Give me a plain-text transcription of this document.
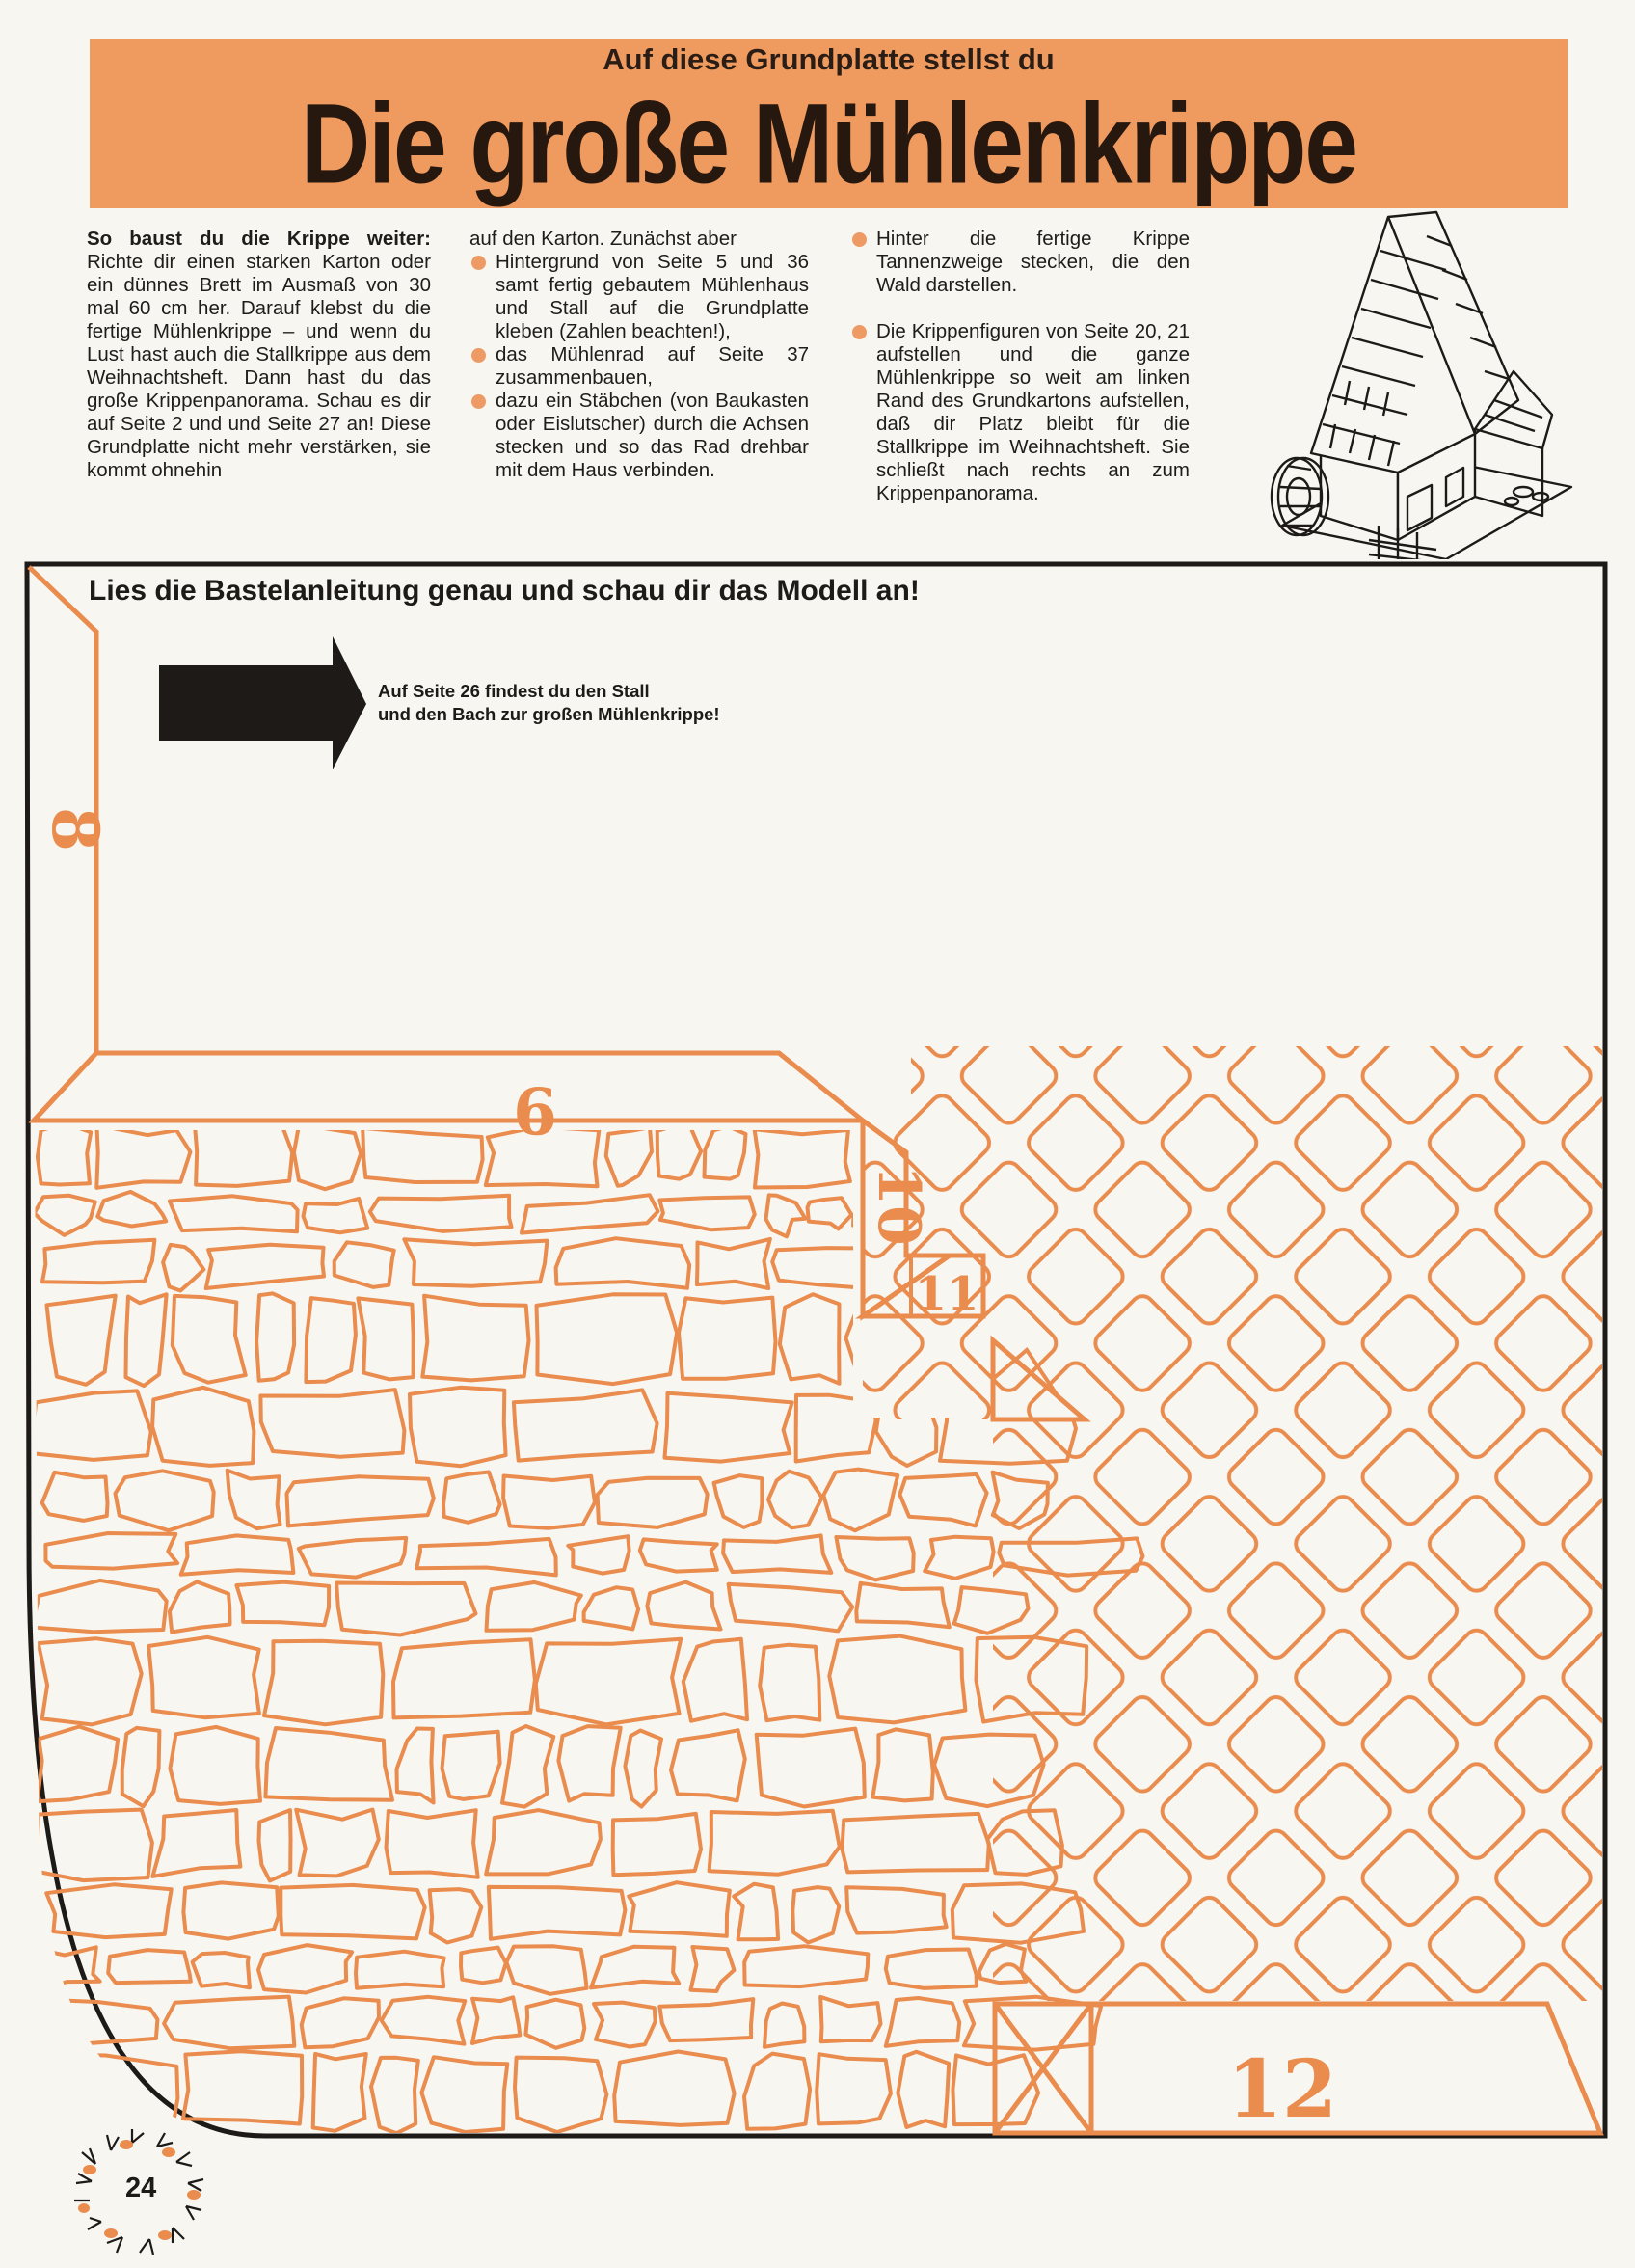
Auf diese Grundplatte stellst du
Die große Mühlenkrippe

So baust du die Krippe weiter: Richte dir einen starken Karton oder ein dünnes Brett im Ausmaß von 30 mal 60 cm her. Darauf klebst du die fertige Mühlenkrippe – und wenn du Lust hast auch die Stallkrippe aus dem Weihnachtsheft. Dann hast du das große Krippenpanorama. Schau es dir auf Seite 2 und und Seite 27 an! Diese Grundplatte nicht mehr verstärken, sie kommt ohnehin

auf den Karton. Zunächst aber

Hintergrund von Seite 5 und 36 samt fertig gebautem Mühlenhaus und Stall auf die Grundplatte kleben (Zahlen beachten!),

das Mühlenrad auf Seite 37 zusammenbauen,

dazu ein Stäbchen (von Baukasten oder Eislutscher) durch die Achsen stecken und so das Rad drehbar mit dem Haus verbinden.

Hinter die fertige Krippe Tannenzweige stecken, die den Wald darstellen.

Die Krippenfiguren von Seite 20, 21 aufstellen und die ganze Mühlenkrippe so weit am linken Rand des Grundkartons aufstellen, daß dir Platz bleibt für die Stallkrippe im Weihnachtsheft. Sie schließt nach rechts an zum Krippenpanorama.

8
9
10
11
12
Lies die Bastelanleitung genau und schau dir das Modell an!
Auf Seite 26 findest du den Stall
und den Bach zur großen Mühlenkrippe!
24
